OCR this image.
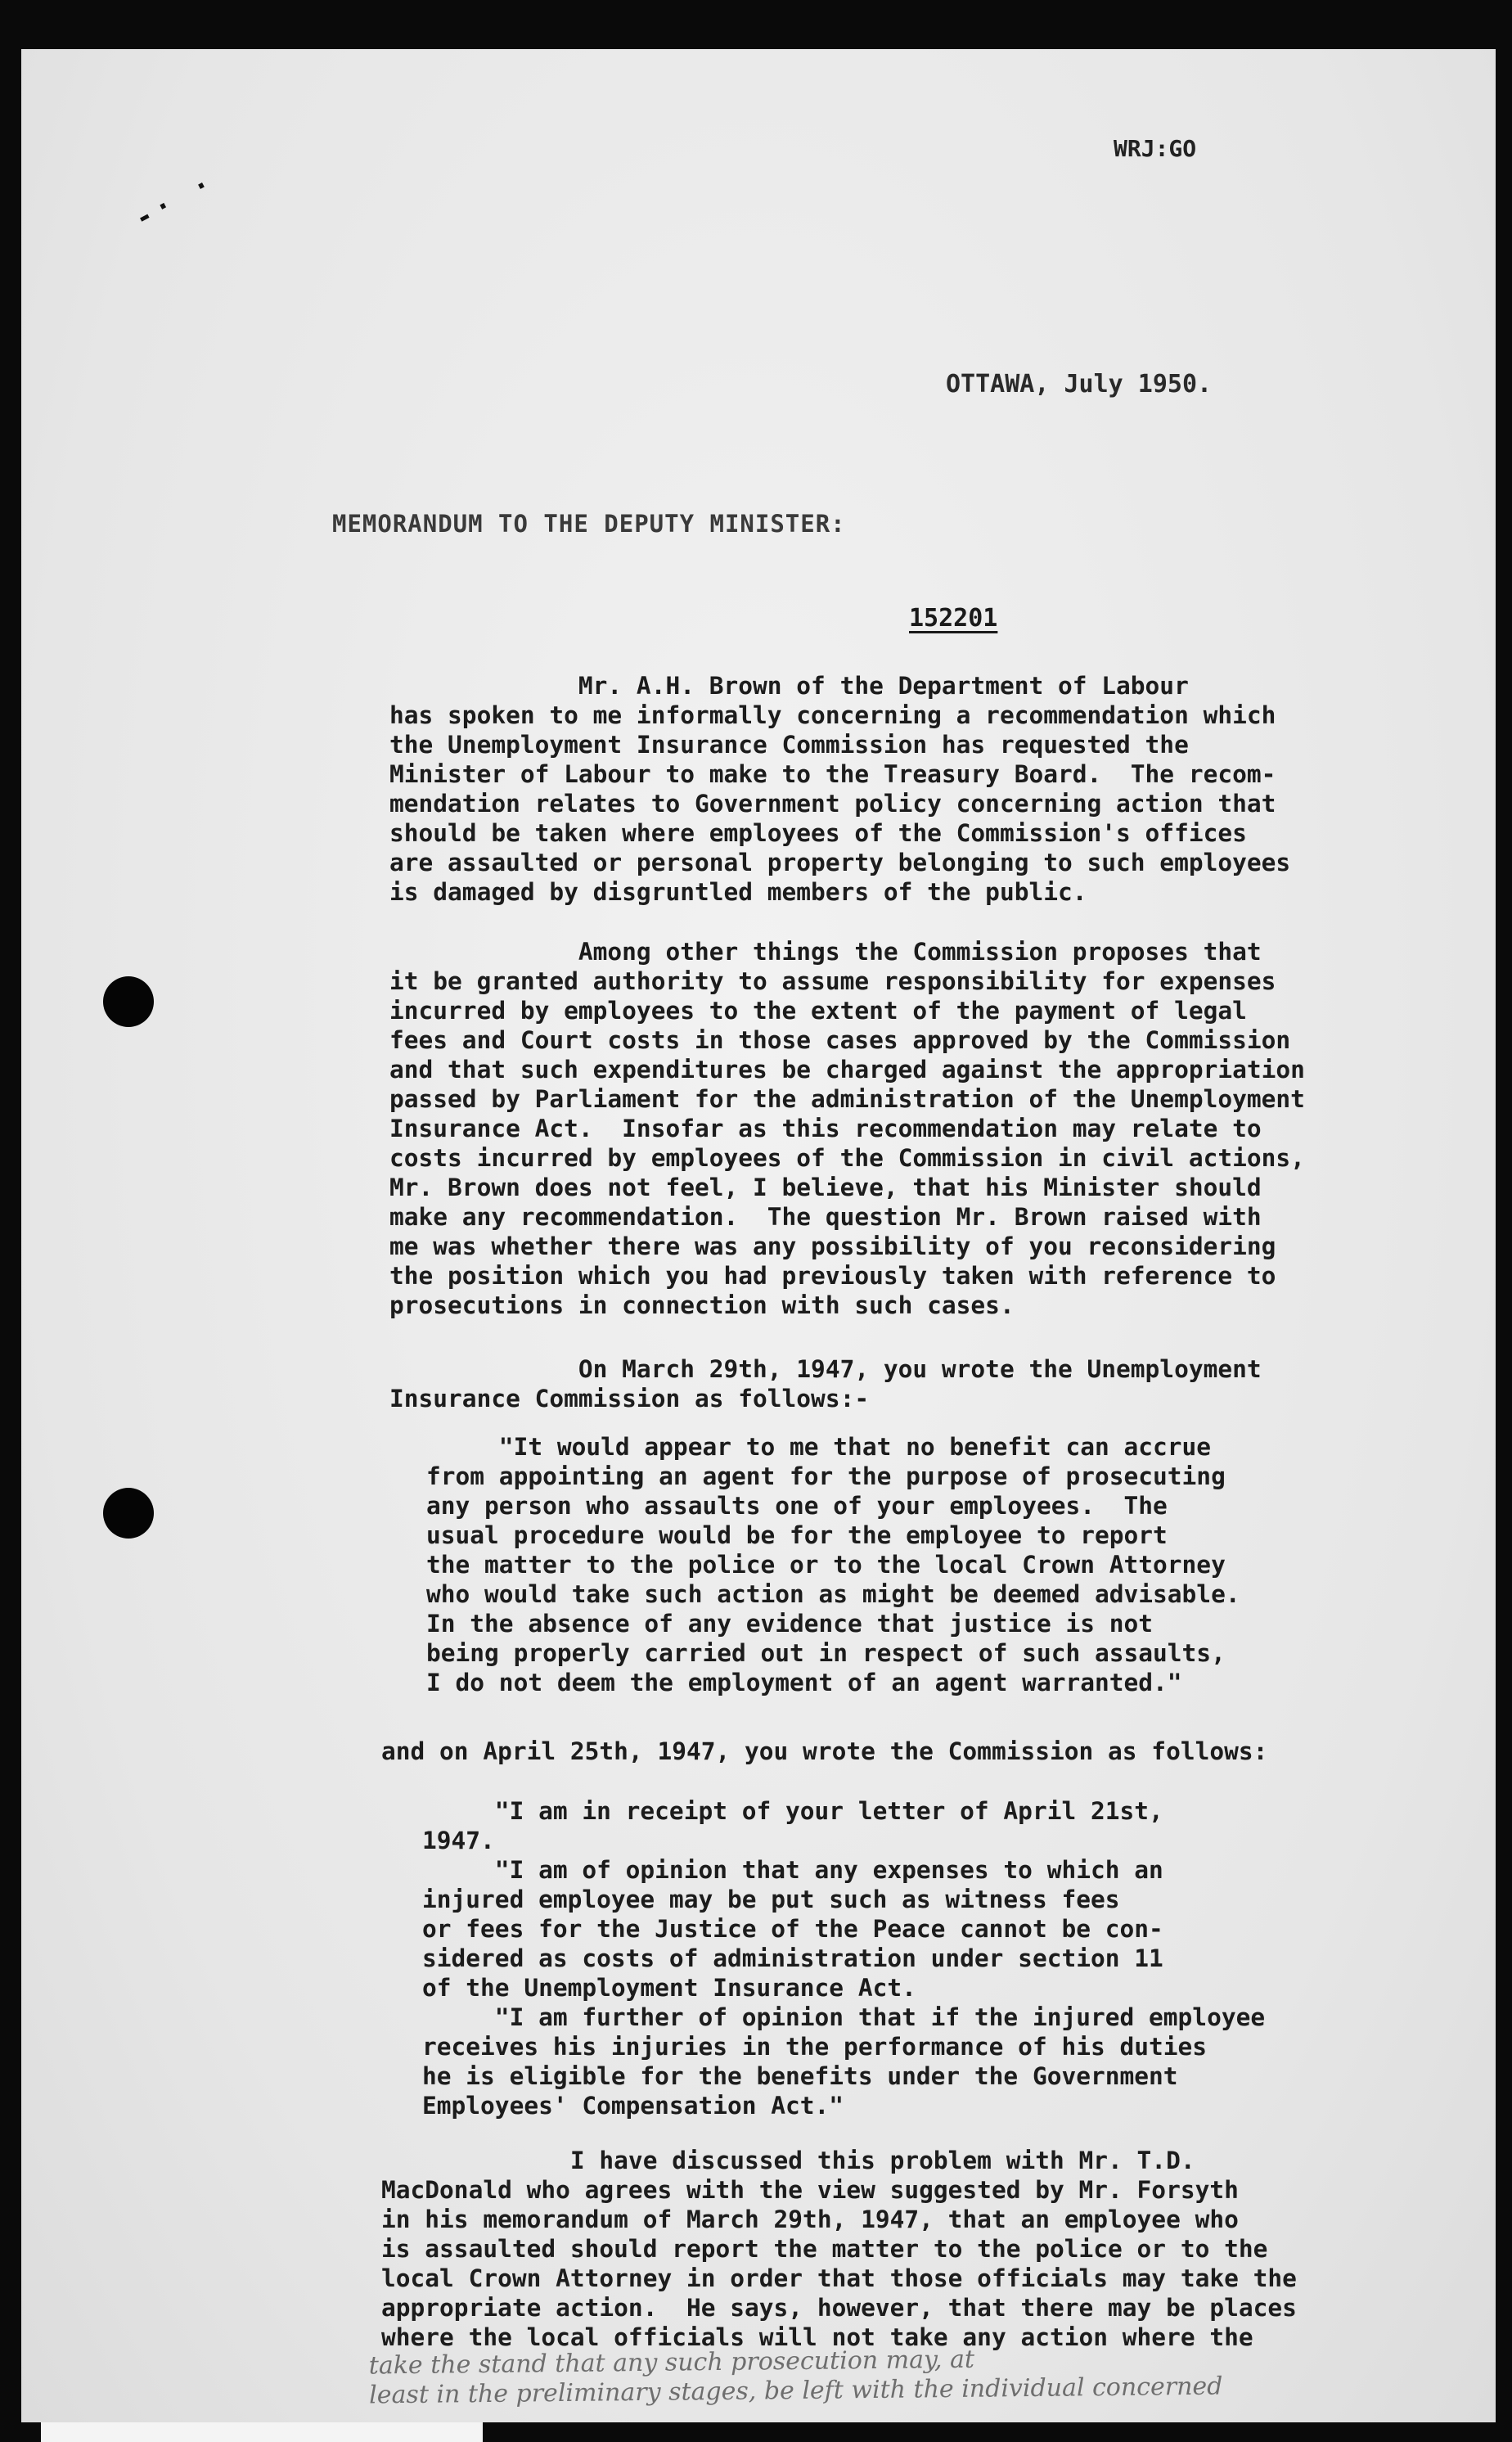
-· ·
WRJ:GO
OTTAWA, July 1950.
MEMORANDUM TO THE DEPUTY MINISTER:
152201
Mr. A.H. Brown of the Department of Labour
has spoken to me informally concerning a recommendation which
the Unemployment Insurance Commission has requested the
Minister of Labour to make to the Treasury Board.  The recom-
mendation relates to Government policy concerning action that
should be taken where employees of the Commission's offices
are assaulted or personal property belonging to such employees
is damaged by disgruntled members of the public.
Among other things the Commission proposes that
it be granted authority to assume responsibility for expenses
incurred by employees to the extent of the payment of legal
fees and Court costs in those cases approved by the Commission
and that such expenditures be charged against the appropriation
passed by Parliament for the administration of the Unemployment
Insurance Act.  Insofar as this recommendation may relate to
costs incurred by employees of the Commission in civil actions,
Mr. Brown does not feel, I believe, that his Minister should
make any recommendation.  The question Mr. Brown raised with
me was whether there was any possibility of you reconsidering
the position which you had previously taken with reference to
prosecutions in connection with such cases.
On March 29th, 1947, you wrote the Unemployment
Insurance Commission as follows:-
"It would appear to me that no benefit can accrue
from appointing an agent for the purpose of prosecuting
any person who assaults one of your employees.  The
usual procedure would be for the employee to report
the matter to the police or to the local Crown Attorney
who would take such action as might be deemed advisable.
In the absence of any evidence that justice is not
being properly carried out in respect of such assaults,
I do not deem the employment of an agent warranted."
and on April 25th, 1947, you wrote the Commission as follows:
"I am in receipt of your letter of April 21st,
1947.
"I am of opinion that any expenses to which an
injured employee may be put such as witness fees
or fees for the Justice of the Peace cannot be con-
sidered as costs of administration under section 11
of the Unemployment Insurance Act.
"I am further of opinion that if the injured employee
receives his injuries in the performance of his duties
he is eligible for the benefits under the Government
Employees' Compensation Act."
I have discussed this problem with Mr. T.D.
MacDonald who agrees with the view suggested by Mr. Forsyth
in his memorandum of March 29th, 1947, that an employee who
is assaulted should report the matter to the police or to the
local Crown Attorney in order that those officials may take the
appropriate action.  He says, however, that there may be places
where the local officials will not take any action where the
take the stand that any such prosecution may, at
least in the preliminary stages, be left with the individual concerned
